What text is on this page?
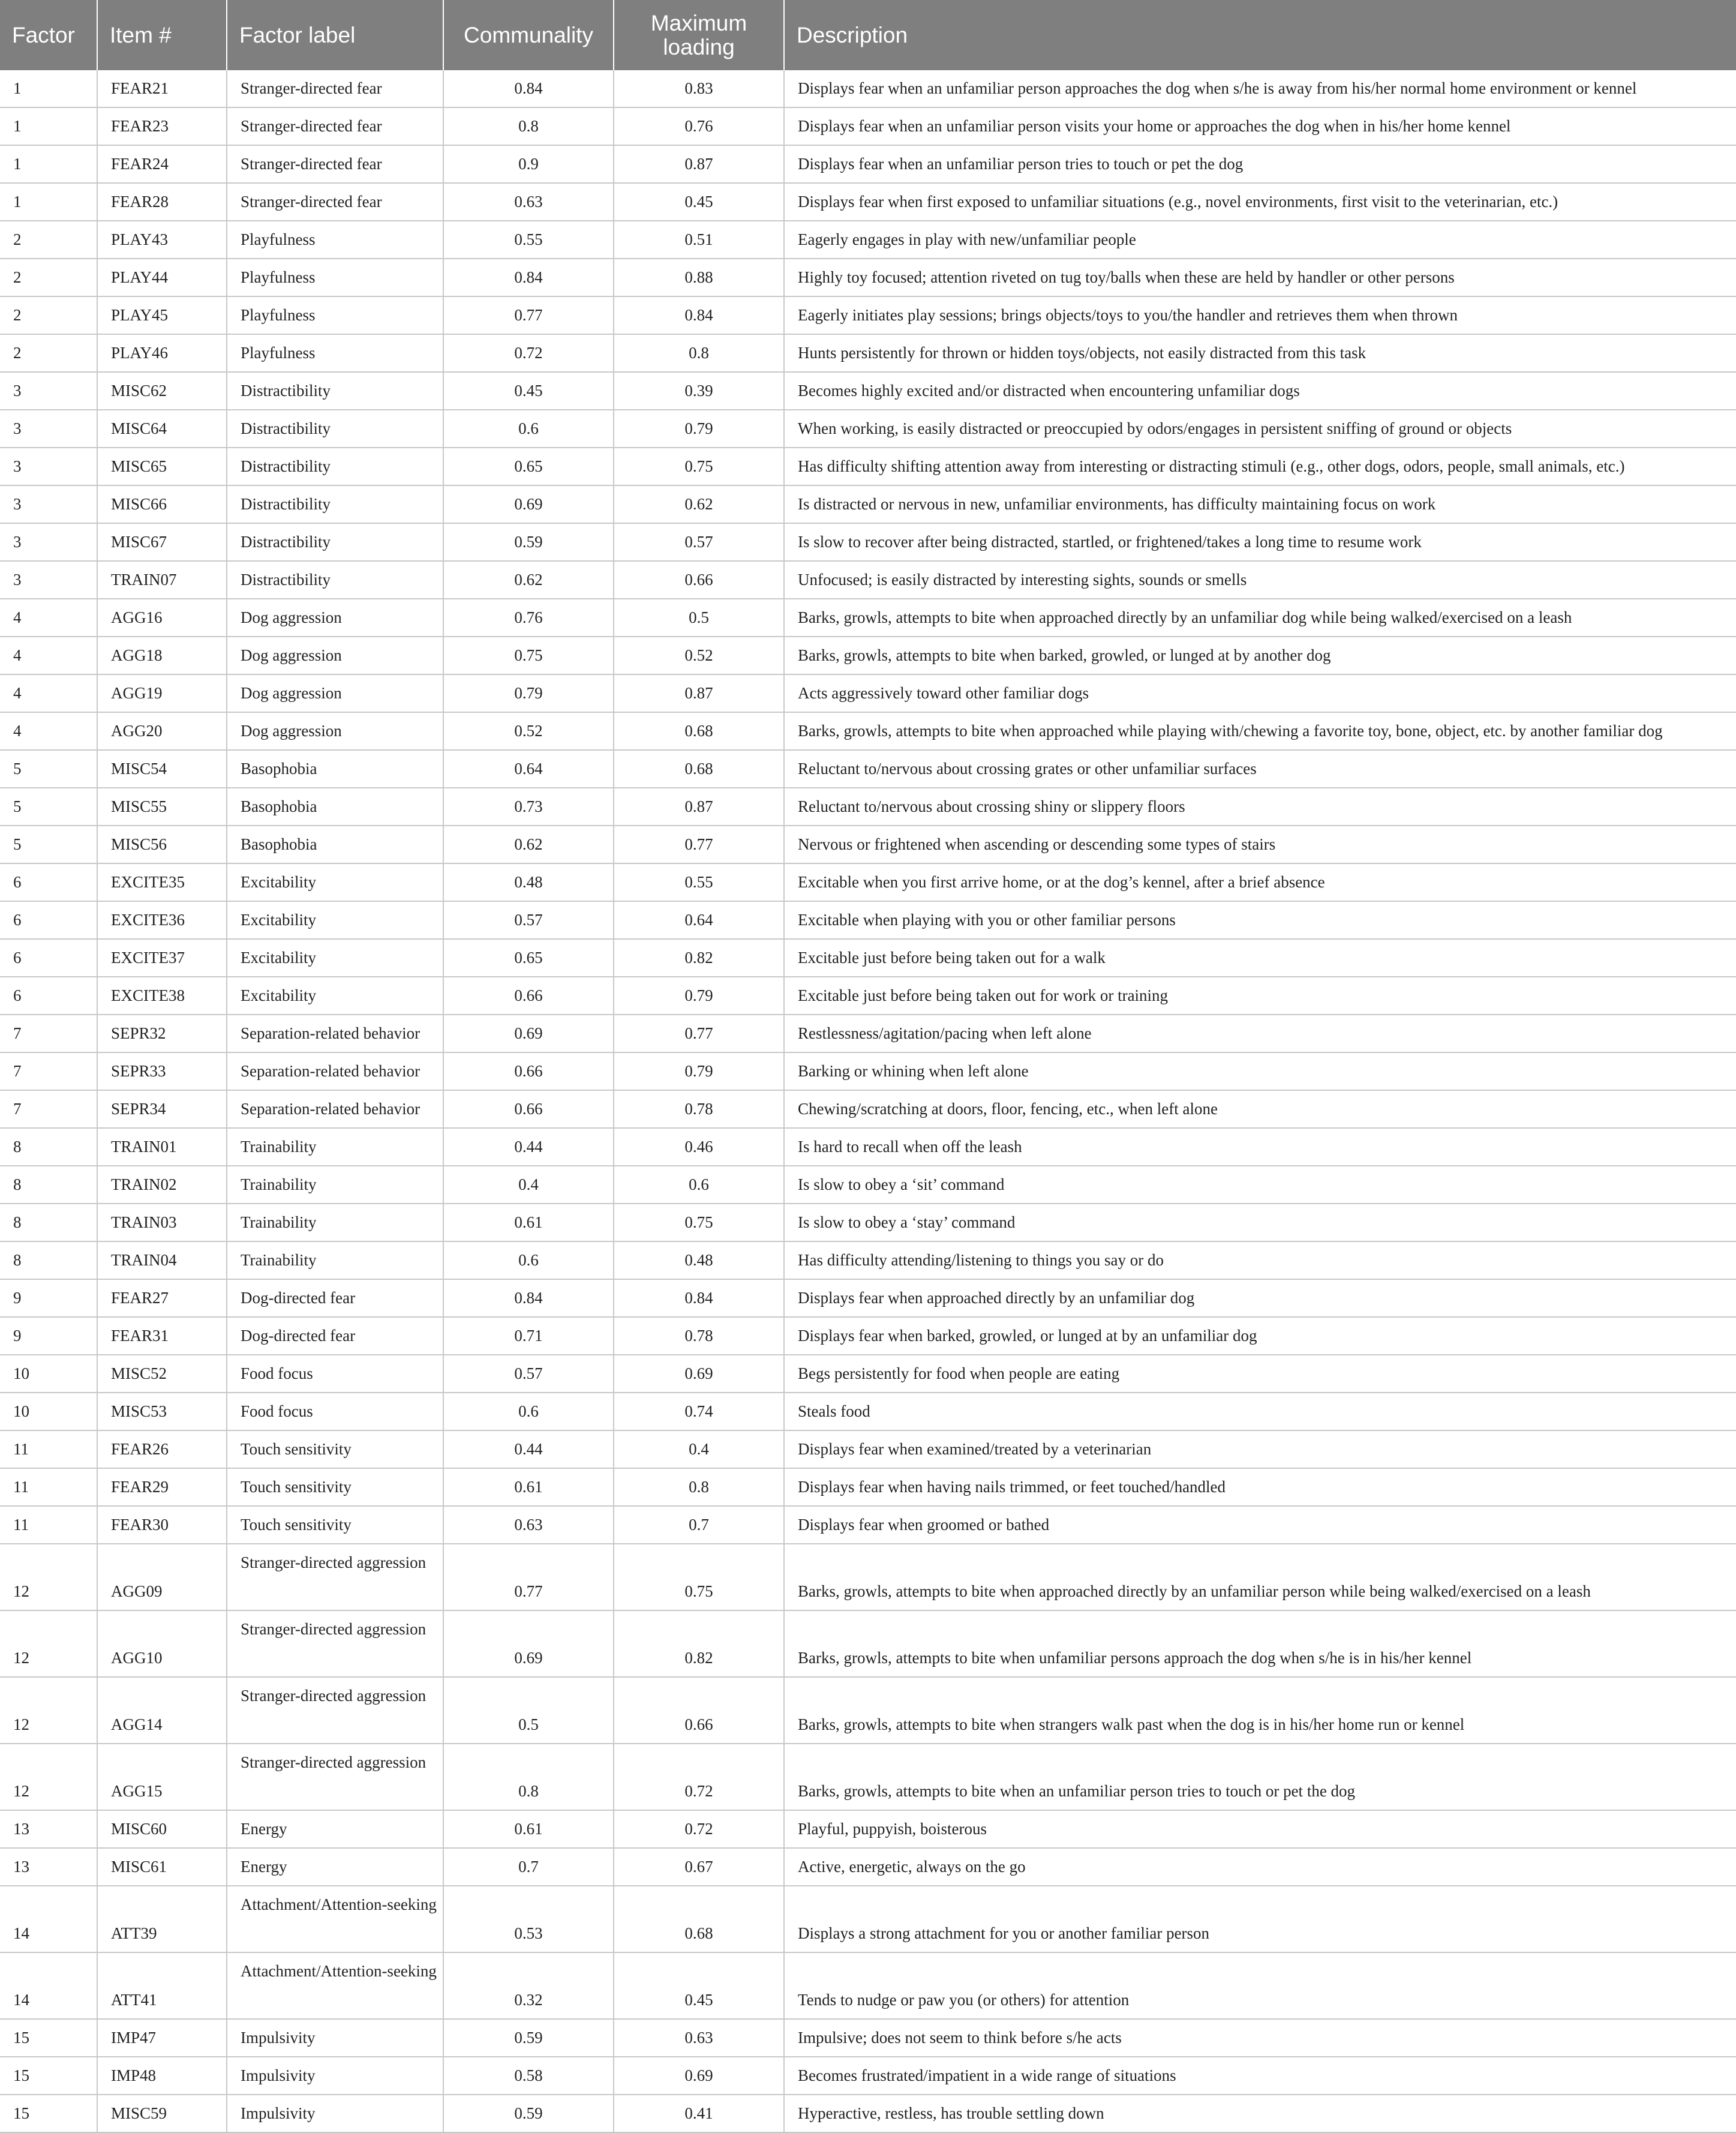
Factor	Item #	Factor label	Communality	Maximum loading	Description
1	FEAR21	Stranger-directed fear	0.84	0.83	Displays fear when an unfamiliar person approaches the dog when s/he is away from his/her normal home environment or kennel
1	FEAR23	Stranger-directed fear	0.8	0.76	Displays fear when an unfamiliar person visits your home or approaches the dog when in his/her home kennel
1	FEAR24	Stranger-directed fear	0.9	0.87	Displays fear when an unfamiliar person tries to touch or pet the dog
1	FEAR28	Stranger-directed fear	0.63	0.45	Displays fear when first exposed to unfamiliar situations (e.g., novel environments, first visit to the veterinarian, etc.)
2	PLAY43	Playfulness	0.55	0.51	Eagerly engages in play with new/unfamiliar people
2	PLAY44	Playfulness	0.84	0.88	Highly toy focused; attention riveted on tug toy/balls when these are held by handler or other persons
2	PLAY45	Playfulness	0.77	0.84	Eagerly initiates play sessions; brings objects/toys to you/the handler and retrieves them when thrown
2	PLAY46	Playfulness	0.72	0.8	Hunts persistently for thrown or hidden toys/objects, not easily distracted from this task
3	MISC62	Distractibility	0.45	0.39	Becomes highly excited and/or distracted when encountering unfamiliar dogs
3	MISC64	Distractibility	0.6	0.79	When working, is easily distracted or preoccupied by odors/engages in persistent sniffing of ground or objects
3	MISC65	Distractibility	0.65	0.75	Has difficulty shifting attention away from interesting or distracting stimuli (e.g., other dogs, odors, people, small animals, etc.)
3	MISC66	Distractibility	0.69	0.62	Is distracted or nervous in new, unfamiliar environments, has difficulty maintaining focus on work
3	MISC67	Distractibility	0.59	0.57	Is slow to recover after being distracted, startled, or frightened/takes a long time to resume work
3	TRAIN07	Distractibility	0.62	0.66	Unfocused; is easily distracted by interesting sights, sounds or smells
4	AGG16	Dog aggression	0.76	0.5	Barks, growls, attempts to bite when approached directly by an unfamiliar dog while being walked/exercised on a leash
4	AGG18	Dog aggression	0.75	0.52	Barks, growls, attempts to bite when barked, growled, or lunged at by another dog
4	AGG19	Dog aggression	0.79	0.87	Acts aggressively toward other familiar dogs
4	AGG20	Dog aggression	0.52	0.68	Barks, growls, attempts to bite when approached while playing with/chewing a favorite toy, bone, object, etc. by another familiar dog
5	MISC54	Basophobia	0.64	0.68	Reluctant to/nervous about crossing grates or other unfamiliar surfaces
5	MISC55	Basophobia	0.73	0.87	Reluctant to/nervous about crossing shiny or slippery floors
5	MISC56	Basophobia	0.62	0.77	Nervous or frightened when ascending or descending some types of stairs
6	EXCITE35	Excitability	0.48	0.55	Excitable when you first arrive home, or at the dog’s kennel, after a brief absence
6	EXCITE36	Excitability	0.57	0.64	Excitable when playing with you or other familiar persons
6	EXCITE37	Excitability	0.65	0.82	Excitable just before being taken out for a walk
6	EXCITE38	Excitability	0.66	0.79	Excitable just before being taken out for work or training
7	SEPR32	Separation-related behavior	0.69	0.77	Restlessness/agitation/pacing when left alone
7	SEPR33	Separation-related behavior	0.66	0.79	Barking or whining when left alone
7	SEPR34	Separation-related behavior	0.66	0.78	Chewing/scratching at doors, floor, fencing, etc., when left alone
8	TRAIN01	Trainability	0.44	0.46	Is hard to recall when off the leash
8	TRAIN02	Trainability	0.4	0.6	Is slow to obey a ‘sit’ command
8	TRAIN03	Trainability	0.61	0.75	Is slow to obey a ‘stay’ command
8	TRAIN04	Trainability	0.6	0.48	Has difficulty attending/listening to things you say or do
9	FEAR27	Dog-directed fear	0.84	0.84	Displays fear when approached directly by an unfamiliar dog
9	FEAR31	Dog-directed fear	0.71	0.78	Displays fear when barked, growled, or lunged at by an unfamiliar dog
10	MISC52	Food focus	0.57	0.69	Begs persistently for food when people are eating
10	MISC53	Food focus	0.6	0.74	Steals food
11	FEAR26	Touch sensitivity	0.44	0.4	Displays fear when examined/treated by a veterinarian
11	FEAR29	Touch sensitivity	0.61	0.8	Displays fear when having nails trimmed, or feet touched/handled
11	FEAR30	Touch sensitivity	0.63	0.7	Displays fear when groomed or bathed
12	AGG09	Stranger-directed aggression	0.77	0.75	Barks, growls, attempts to bite when approached directly by an unfamiliar person while being walked/exercised on a leash
12	AGG10	Stranger-directed aggression	0.69	0.82	Barks, growls, attempts to bite when unfamiliar persons approach the dog when s/he is in his/her kennel
12	AGG14	Stranger-directed aggression	0.5	0.66	Barks, growls, attempts to bite when strangers walk past when the dog is in his/her home run or kennel
12	AGG15	Stranger-directed aggression	0.8	0.72	Barks, growls, attempts to bite when an unfamiliar person tries to touch or pet the dog
13	MISC60	Energy	0.61	0.72	Playful, puppyish, boisterous
13	MISC61	Energy	0.7	0.67	Active, energetic, always on the go
14	ATT39	Attachment/Attention-seeking	0.53	0.68	Displays a strong attachment for you or another familiar person
14	ATT41	Attachment/Attention-seeking	0.32	0.45	Tends to nudge or paw you (or others) for attention
15	IMP47	Impulsivity	0.59	0.63	Impulsive; does not seem to think before s/he acts
15	IMP48	Impulsivity	0.58	0.69	Becomes frustrated/impatient in a wide range of situations
15	MISC59	Impulsivity	0.59	0.41	Hyperactive, restless, has trouble settling down
